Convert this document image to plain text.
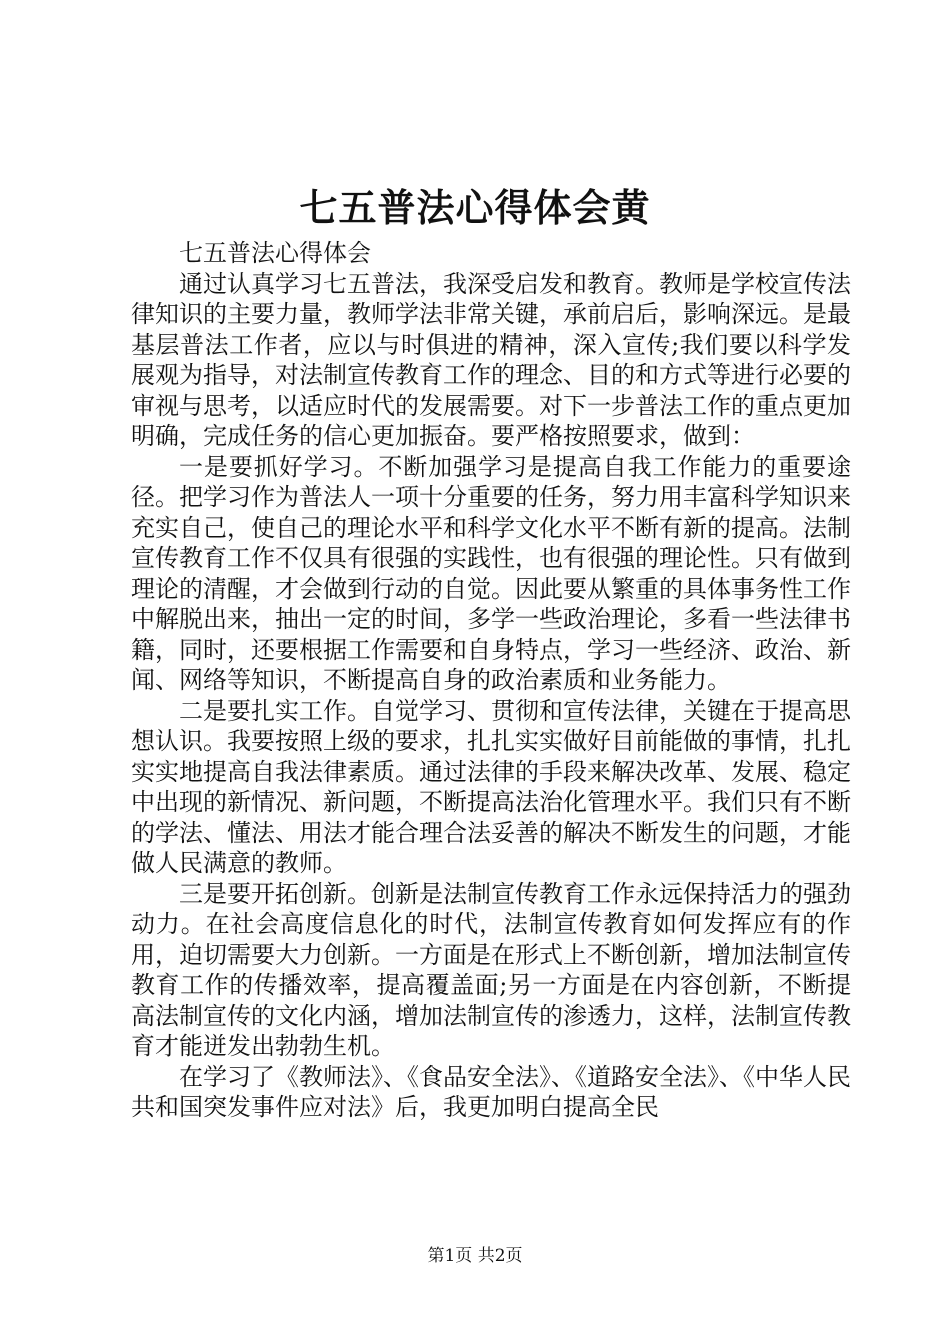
七五普法心得体会黄

七五普法心得体会

通过认真学习七五普法，我深受启发和教育。教师是学校宣传法律知识的主要力量，教师学法非常关键，承前启后，影响深远。是最基层普法工作者，应以与时俱进的精神，深入宣传;我们要以科学发展观为指导，对法制宣传教育工作的理念、目的和方式等进行必要的审视与思考，以适应时代的发展需要。对下一步普法工作的重点更加明确，完成任务的信心更加振奋。要严格按照要求，做到：

一是要抓好学习。不断加强学习是提高自我工作能力的重要途径。把学习作为普法人一项十分重要的任务，努力用丰富科学知识来充实自己，使自己的理论水平和科学文化水平不断有新的提高。法制宣传教育工作不仅具有很强的实践性，也有很强的理论性。只有做到理论的清醒，才会做到行动的自觉。因此要从繁重的具体事务性工作中解脱出来，抽出一定的时间，多学一些政治理论，多看一些法律书籍，同时，还要根据工作需要和自身特点，学习一些经济、政治、新闻、网络等知识，不断提高自身的政治素质和业务能力。

二是要扎实工作。自觉学习、贯彻和宣传法律，关键在于提高思想认识。我要按照上级的要求，扎扎实实做好目前能做的事情，扎扎实实地提高自我法律素质。通过法律的手段来解决改革、发展、稳定中出现的新情况、新问题，不断提高法治化管理水平。我们只有不断的学法、懂法、用法才能合理合法妥善的解决不断发生的问题，才能做人民满意的教师。

三是要开拓创新。创新是法制宣传教育工作永远保持活力的强劲动力。在社会高度信息化的时代，法制宣传教育如何发挥应有的作用，迫切需要大力创新。一方面是在形式上不断创新，增加法制宣传教育工作的传播效率，提高覆盖面;另一方面是在内容创新，不断提高法制宣传的文化内涵，增加法制宣传的渗透力，这样，法制宣传教育才能迸发出勃勃生机。

在学习了《教师法》、《食品安全法》、《道路安全法》、《中华人民共和国突发事件应对法》后，我更加明白提高全民

第1页 共2页
